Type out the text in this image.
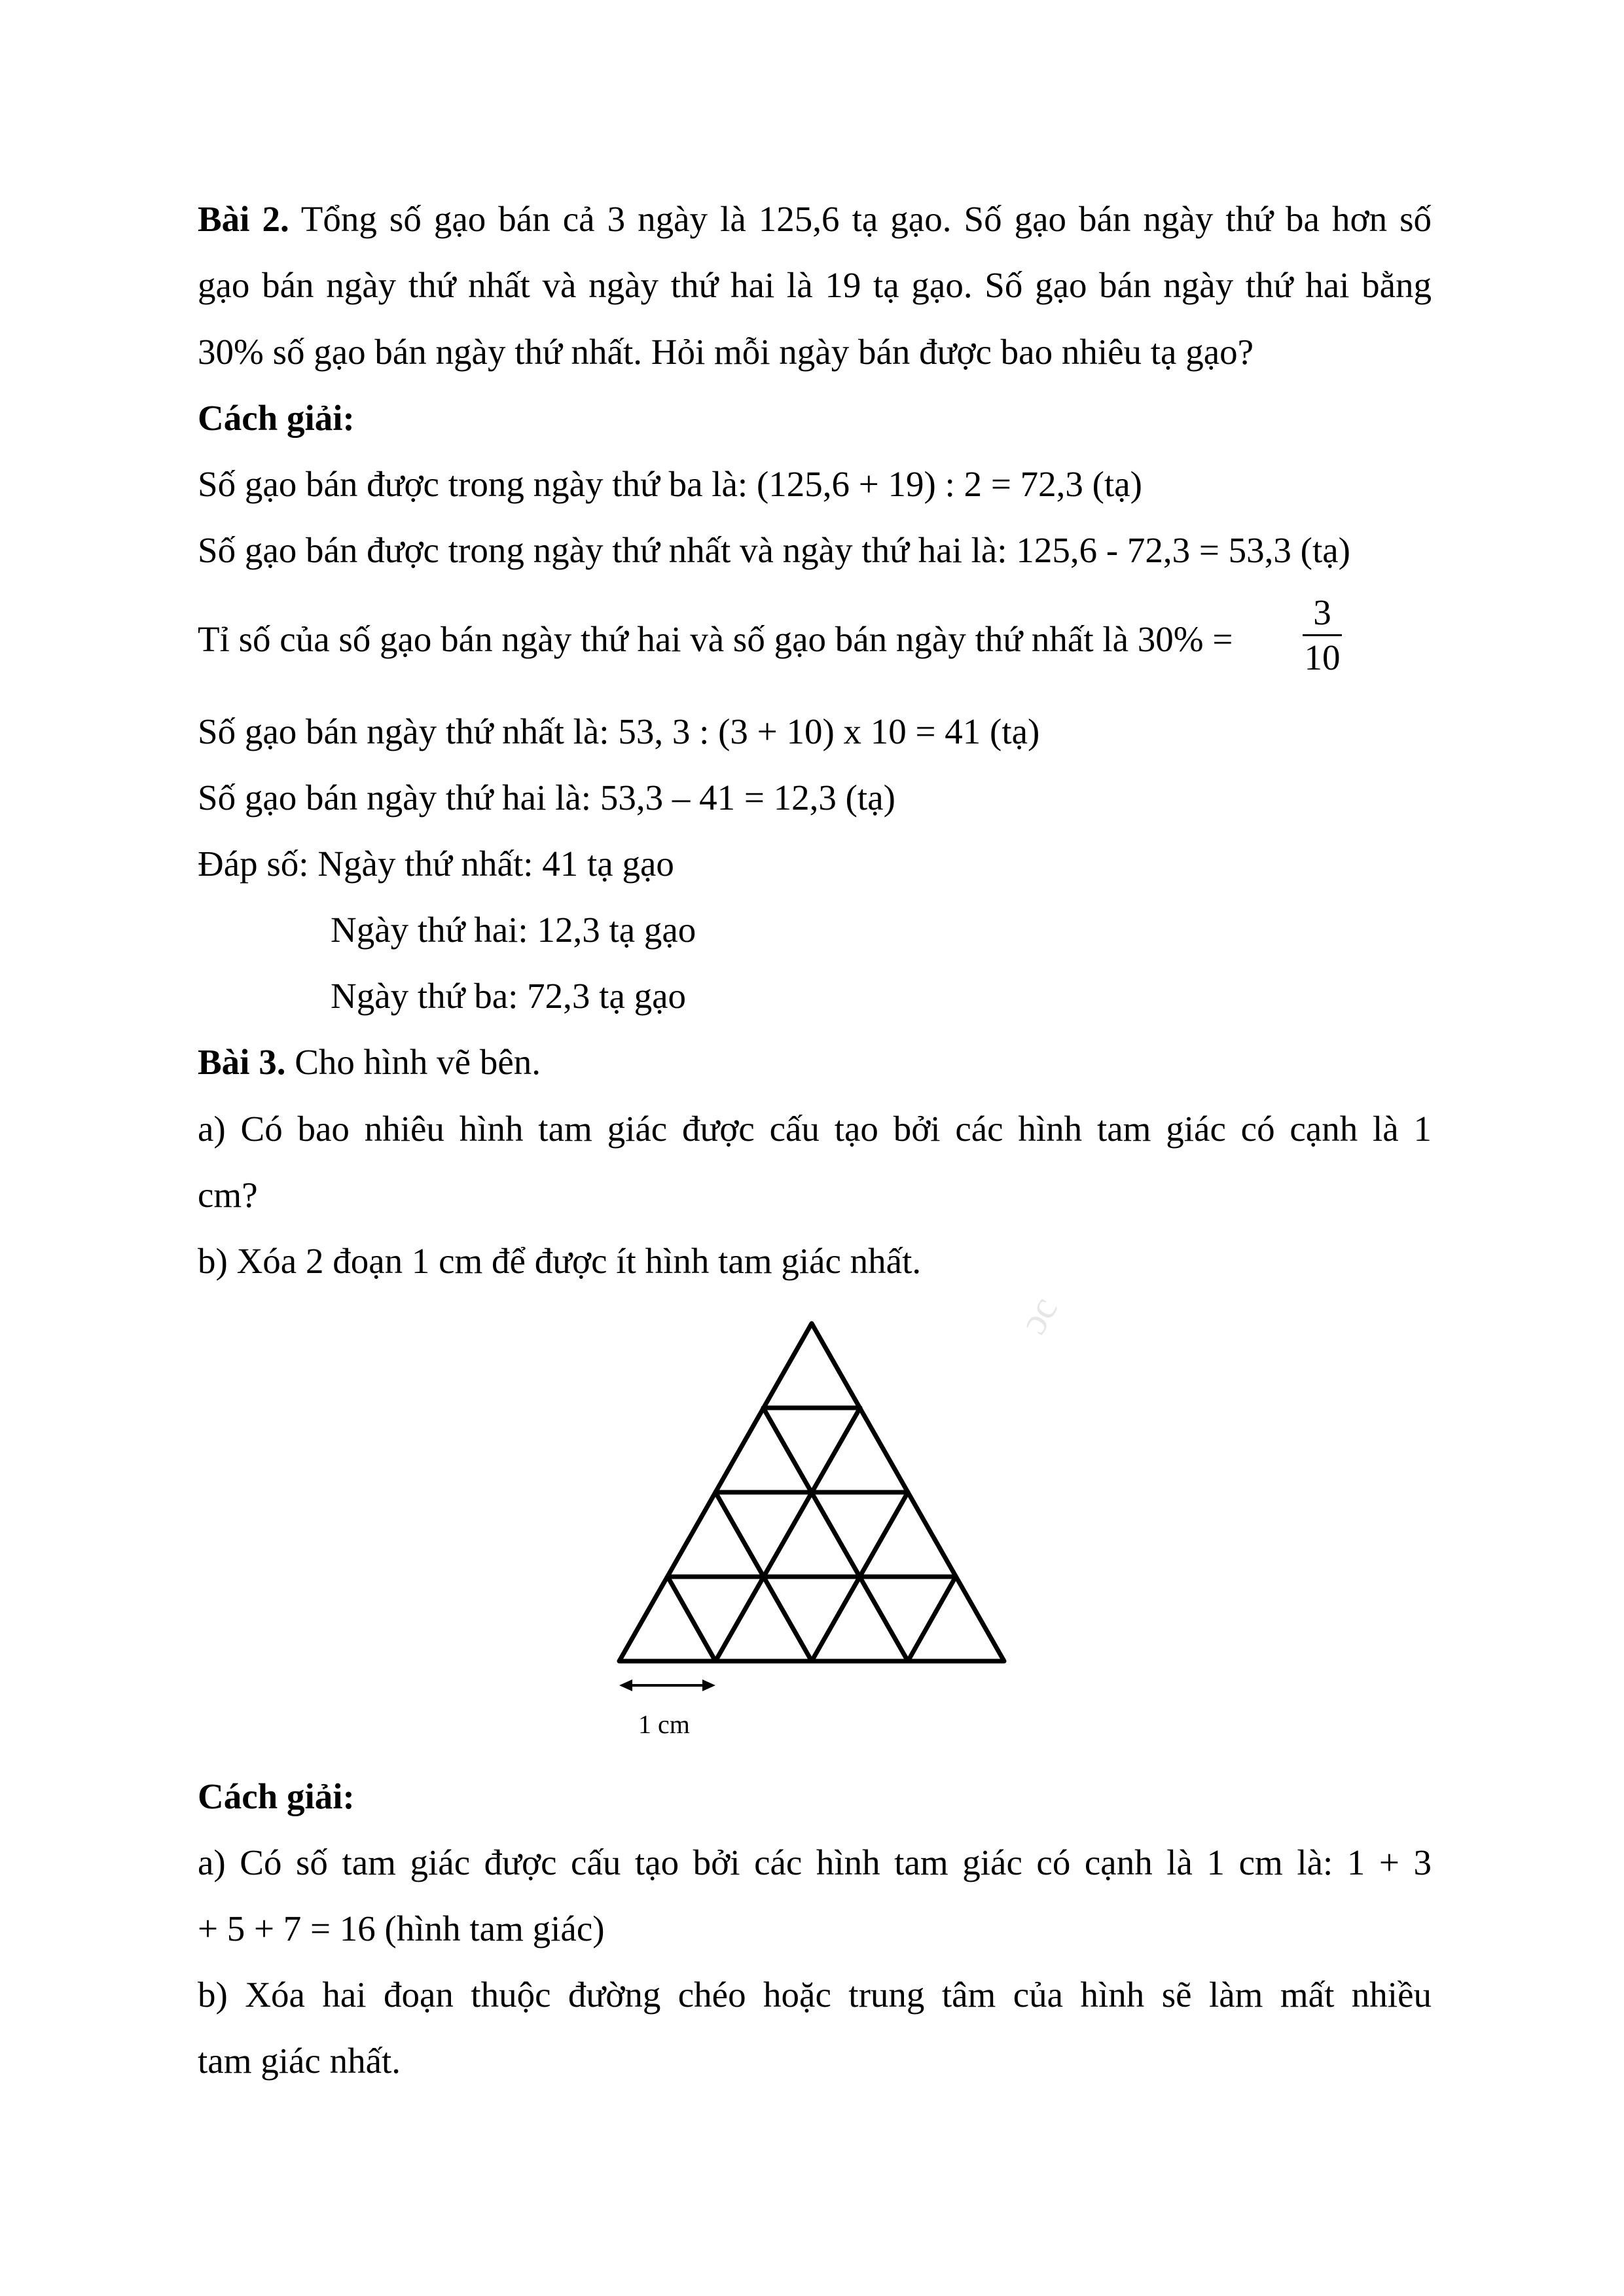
Bài 2. Tổng số gạo bán cả 3 ngày là 125,6 tạ gạo. Số gạo bán ngày thứ ba hơn số
gạo bán ngày thứ nhất và ngày thứ hai là 19 tạ gạo. Số gạo bán ngày thứ hai bằng
30% số gạo bán ngày thứ nhất. Hỏi mỗi ngày bán được bao nhiêu tạ gạo?
Cách giải:
Số gạo bán được trong ngày thứ ba là: (125,6 + 19) : 2 = 72,3 (tạ)
Số gạo bán được trong ngày thứ nhất và ngày thứ hai là: 125,6 - 72,3 = 53,3 (tạ)
Tỉ số của số gạo bán ngày thứ hai và số gạo bán ngày thứ nhất là 30% =
3
10
Số gạo bán ngày thứ nhất là: 53, 3 : (3 + 10) x 10 = 41 (tạ)
Số gạo bán ngày thứ hai là: 53,3 – 41 = 12,3 (tạ)
Đáp số: Ngày thứ nhất: 41 tạ gạo
Ngày thứ hai: 12,3 tạ gạo
Ngày thứ ba: 72,3 tạ gạo
Bài 3. Cho hình vẽ bên.
a) Có bao nhiêu hình tam giác được cấu tạo bởi các hình tam giác có cạnh là 1
cm?
b) Xóa 2 đoạn 1 cm để được ít hình tam giác nhất.
ɔc
1 cm
Cách giải:
a) Có số tam giác được cấu tạo bởi các hình tam giác có cạnh là 1 cm là: 1 + 3
+ 5 + 7 = 16 (hình tam giác)
b) Xóa hai đoạn thuộc đường chéo hoặc trung tâm của hình sẽ làm mất nhiều
tam giác nhất.
